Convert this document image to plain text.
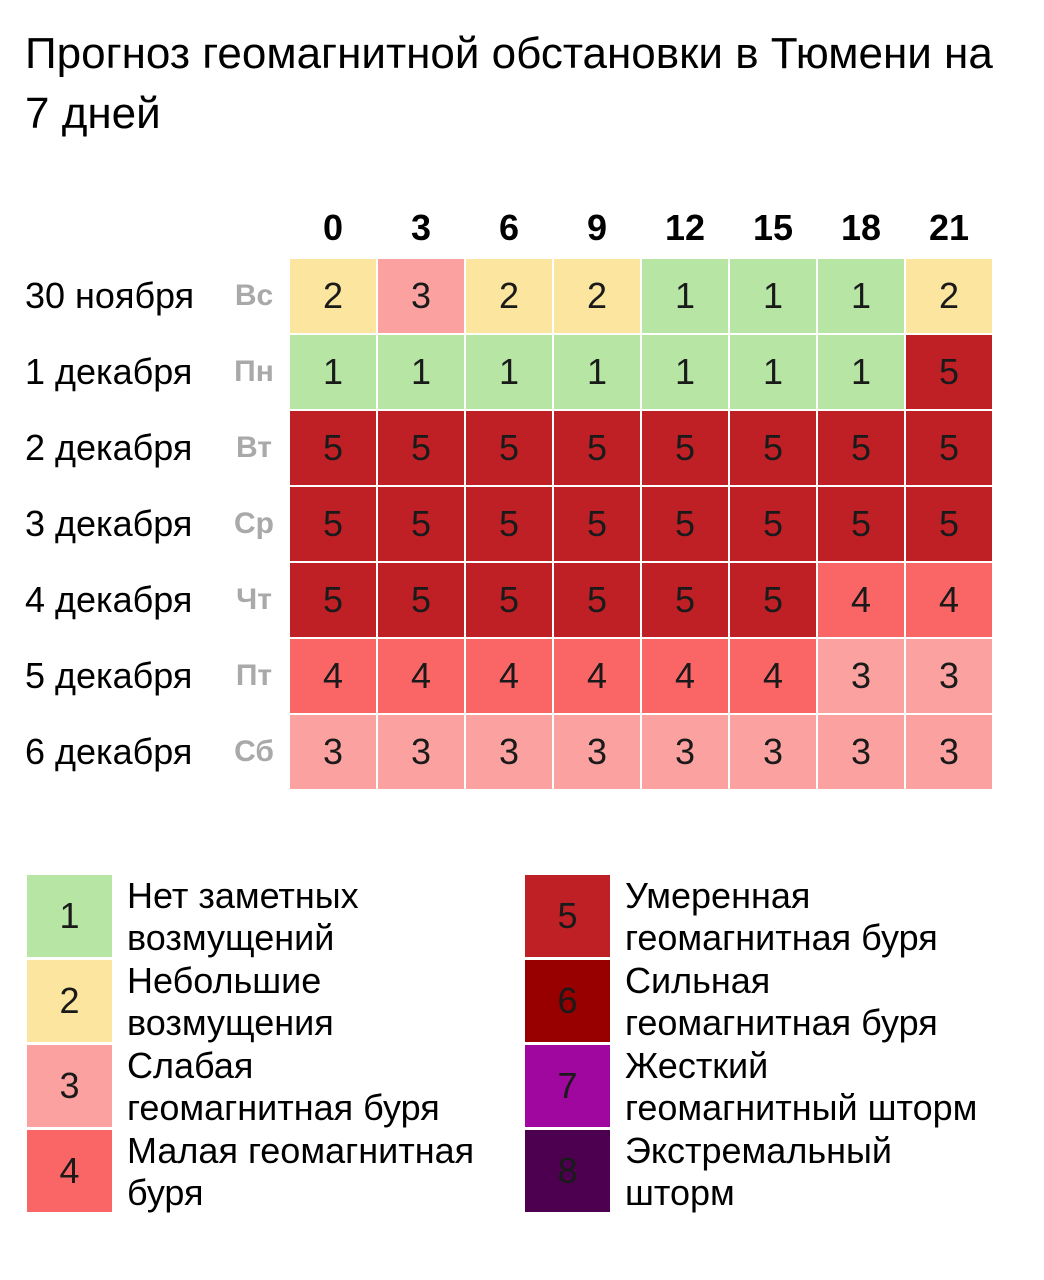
Прогноз геомагнитной обстановки в Тюмени на 7 дней
0	3	6	9	12	15	18	21
30 ноября Вс	2	3	2	2	1	1	1	2
1 декабря Пн	1	1	1	1	1	1	1	5
2 декабря Вт	5	5	5	5	5	5	5	5
3 декабря Ср	5	5	5	5	5	5	5	5
4 декабря Чт	5	5	5	5	5	5	4	4
5 декабря Пт	4	4	4	4	4	4	3	3
6 декабря Сб	3	3	3	3	3	3	3	3
1	Нет заметных
возмущений
2	Небольшие
возмущения
3	Слабая
геомагнитная буря
4	Малая геомагнитная
буря
5	Умеренная
геомагнитная буря
6	Сильная
геомагнитная буря
7	Жесткий
геомагнитный шторм
8	Экстремальный
шторм
